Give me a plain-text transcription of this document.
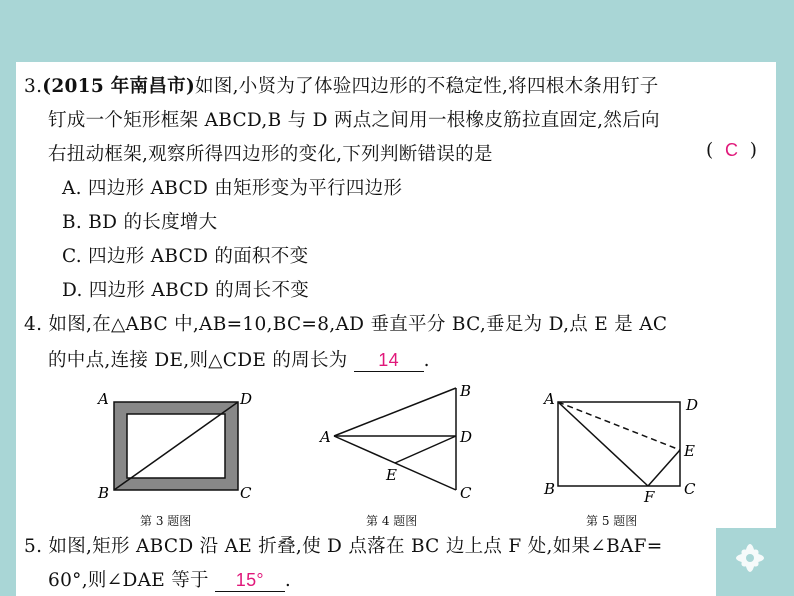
3.(2015 年南昌市)如图,小贤为了体验四边形的不稳定性,将四根木条用钉子
钉成一个矩形框架 ABCD,B 与 D 两点之间用一根橡皮筋拉直固定,然后向
右扭动框架,观察所得四边形的变化,下列判断错误的是	(  C  )
A. 四边形 ABCD 由矩形变为平行四边形
B. BD 的长度增大
C. 四边形 ABCD 的面积不变
D. 四边形 ABCD 的周长不变
4. 如图,在△ABC 中,AB=10,BC=8,AD 垂直平分 BC,垂足为 D,点 E 是 AC
的中点,连接 DE,则△CDE 的周长为 14 .
A	D
B	C
A
B
D
E
C
A	D
E
B	F C
第 3 题图	第 4 题图	第 5 题图
5. 如图,矩形 ABCD 沿 AE 折叠,使 D 点落在 BC 边上点 F 处,如果∠BAF=
60°,则∠DAE 等于 15° .
